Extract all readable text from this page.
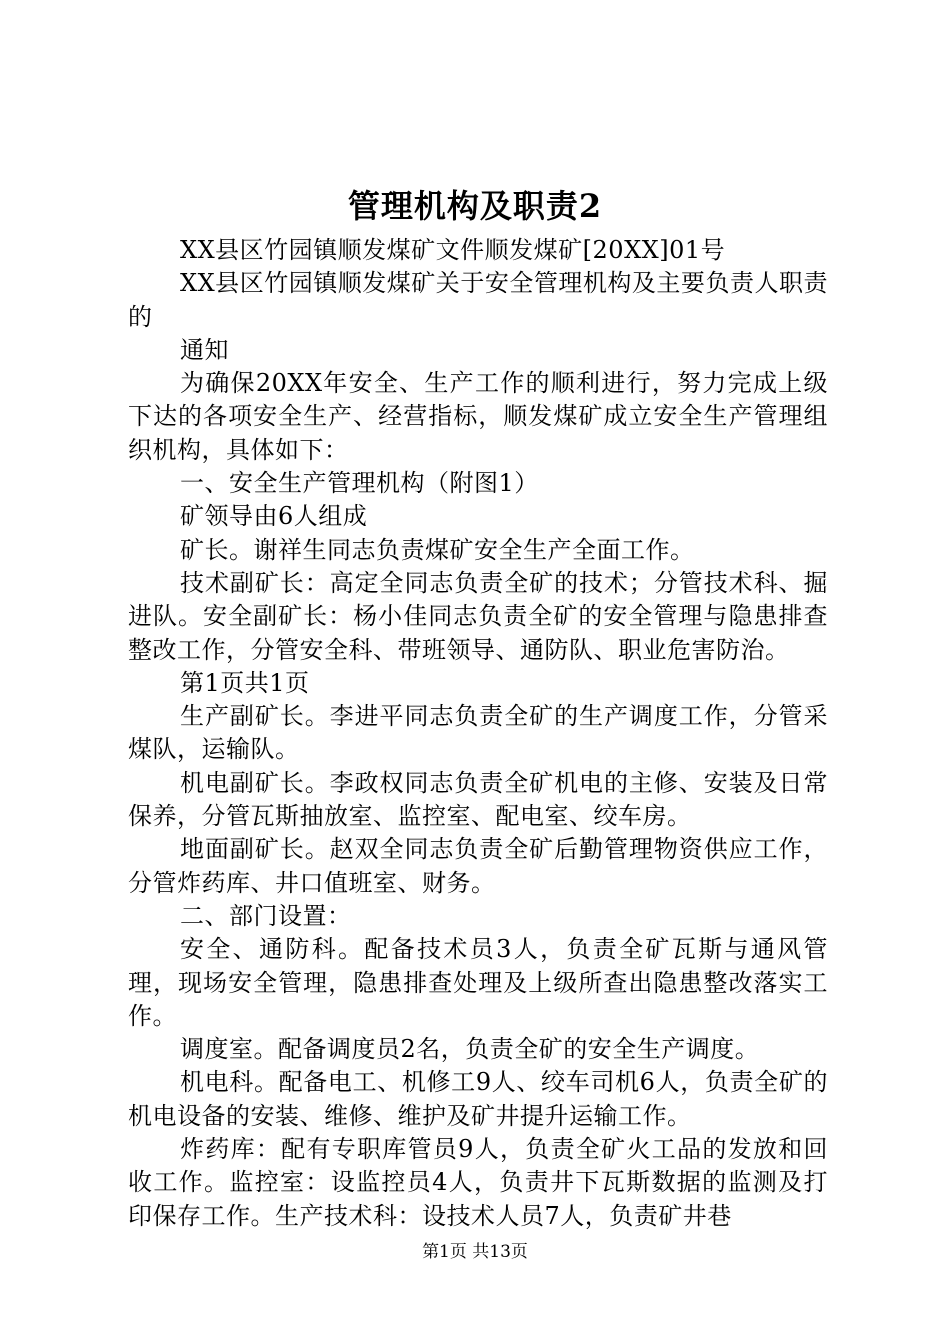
管理机构及职责2

XX县区竹园镇顺发煤矿文件顺发煤矿[20XX]01号

XX县区竹园镇顺发煤矿关于安全管理机构及主要负责人职责的

通知

为确保20XX年安全、生产工作的顺利进行，努力完成上级下达的各项安全生产、经营指标，顺发煤矿成立安全生产管理组织机构，具体如下：

一、安全生产管理机构（附图1）

矿领导由6人组成

矿长。谢祥生同志负责煤矿安全生产全面工作。

技术副矿长：高定全同志负责全矿的技术；分管技术科、掘进队。安全副矿长：杨小佳同志负责全矿的安全管理与隐患排查整改工作，分管安全科、带班领导、通防队、职业危害防治。

第1页共1页

生产副矿长。李进平同志负责全矿的生产调度工作，分管采煤队，运输队。

机电副矿长。李政权同志负责全矿机电的主修、安装及日常保养，分管瓦斯抽放室、监控室、配电室、绞车房。

地面副矿长。赵双全同志负责全矿后勤管理物资供应工作，分管炸药库、井口值班室、财务。

二、部门设置：

安全、通防科。配备技术员3人，负责全矿瓦斯与通风管理，现场安全管理，隐患排查处理及上级所查出隐患整改落实工作。

调度室。配备调度员2名，负责全矿的安全生产调度。

机电科。配备电工、机修工9人、绞车司机6人，负责全矿的机电设备的安装、维修、维护及矿井提升运输工作。

炸药库：配有专职库管员9人，负责全矿火工品的发放和回收工作。监控室：设监控员4人，负责井下瓦斯数据的监测及打印保存工作。生产技术科：设技术人员7人，负责矿井巷

第1页 共13页
